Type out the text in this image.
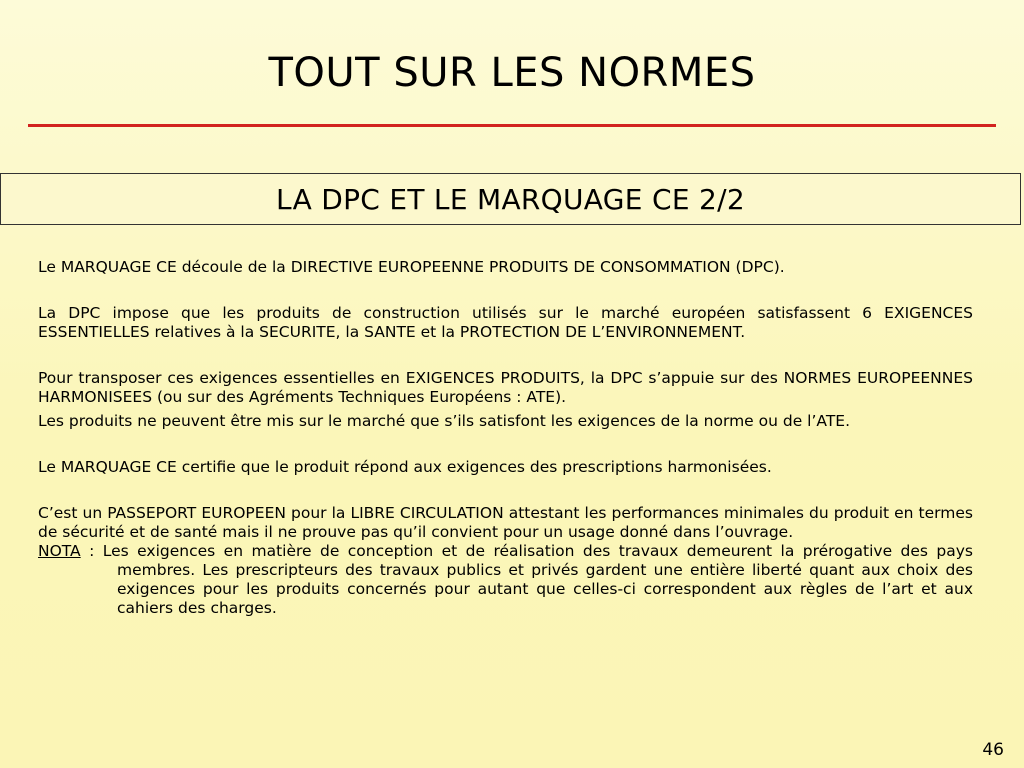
TOUT SUR LES NORMES
LA DPC ET LE MARQUAGE CE 2/2

Le MARQUAGE CE découle de la DIRECTIVE EUROPEENNE PRODUITS DE CONSOMMATION (DPC).

La DPC impose que les produits de construction utilisés sur le marché européen satisfassent 6 EXIGENCES ESSENTIELLES relatives à la SECURITE, la SANTE et la PROTECTION DE L’ENVIRONNEMENT.

Pour transposer ces exigences essentielles en EXIGENCES PRODUITS, la DPC s’appuie sur des NORMES EUROPEENNES HARMONISEES (ou sur des Agréments Techniques Européens : ATE).

Les produits ne peuvent être mis sur le marché que s’ils satisfont les exigences de la norme ou de l’ATE.

Le MARQUAGE CE certifie que le produit répond aux exigences des prescriptions harmonisées.

C’est un PASSEPORT EUROPEEN pour la LIBRE CIRCULATION attestant les performances minimales du produit en termes de sécurité et de santé mais il ne prouve pas qu’il convient pour un usage donné dans l’ouvrage.

NOTA : Les exigences en matière de conception et de réalisation des travaux demeurent la prérogative des pays membres. Les prescripteurs des travaux publics et privés gardent une entière liberté quant aux choix des exigences pour les produits concernés pour autant que celles-ci correspondent aux règles de l’art et aux cahiers des charges.

46
